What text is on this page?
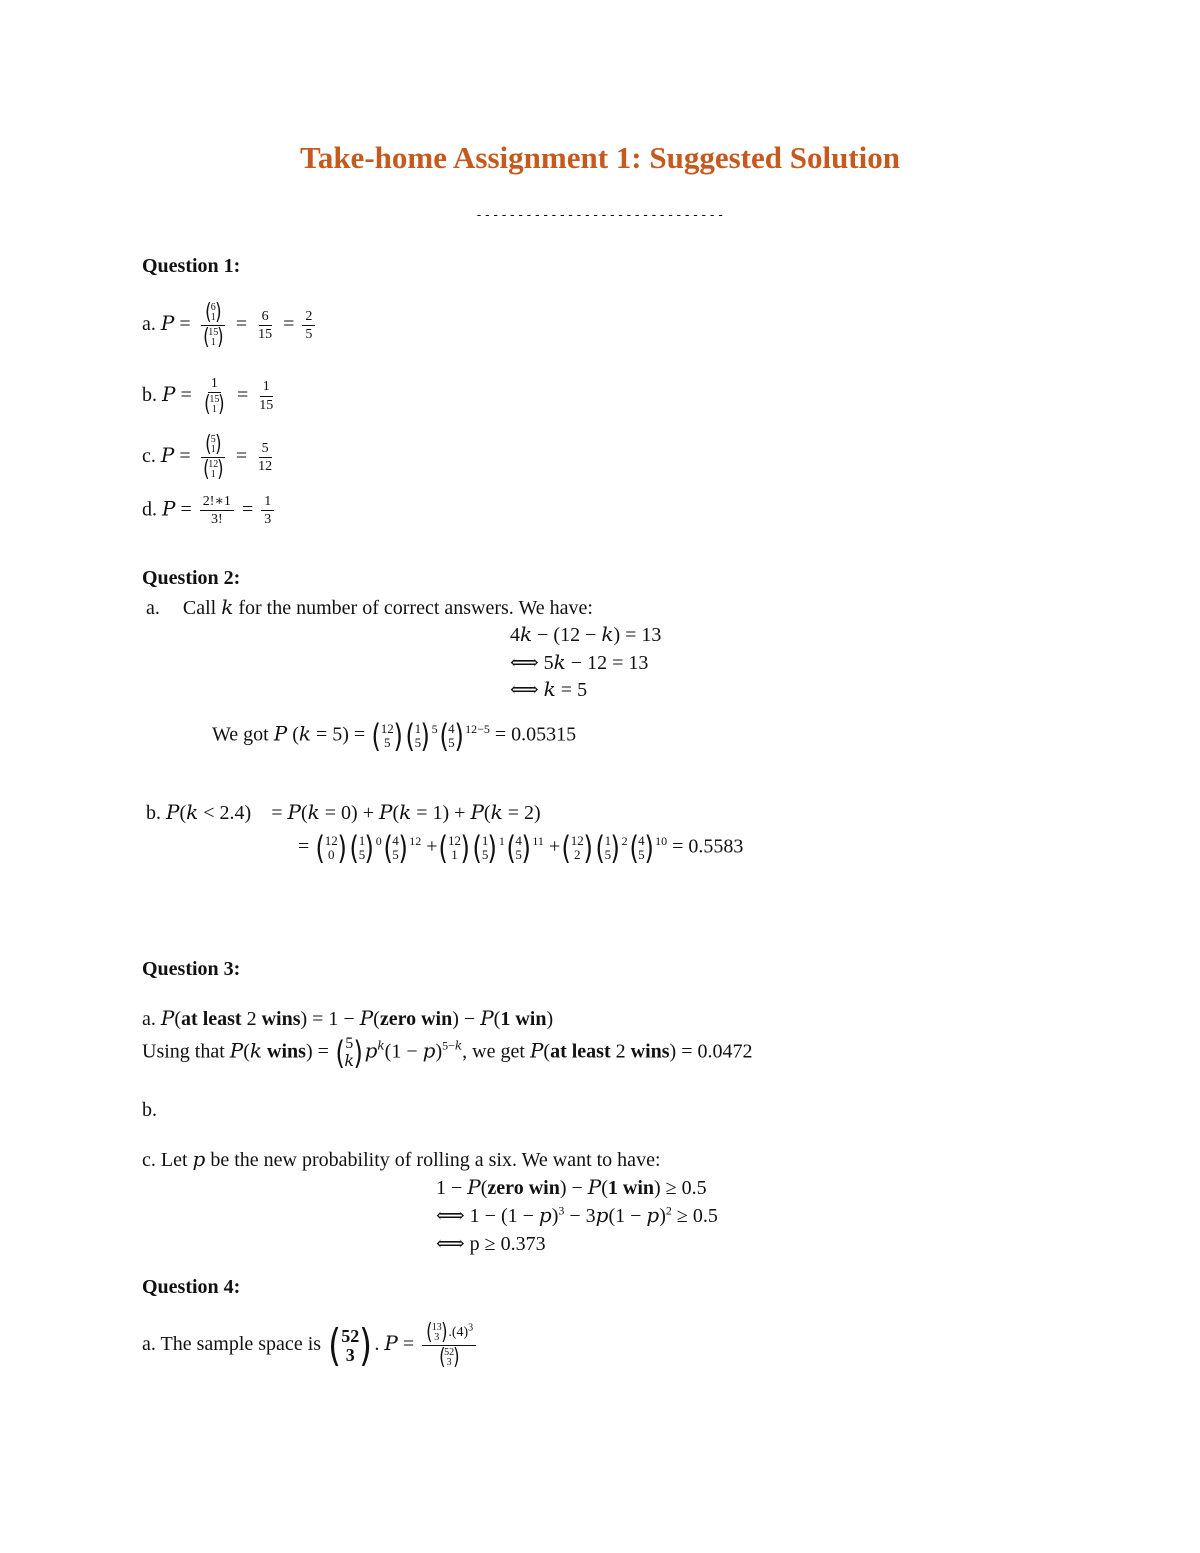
Take-home Assignment 1: Suggested Solution
------------------------------
Question 1:
a. P = ( 6
1 )
( 15
1 ) = $\frac{6}{15} = \frac{2}{5}$
b. P = 1
( 15
1 ) = $\frac{1}{15}$
c. P = ( 5
1 )
( 12
1 ) = $\frac{5}{12}$
d. $P = \frac{2!∗1}{3!} = \frac{1}{3}$
Question 2:
a. Call k for the number of correct answers. We have:
4k − (12 − k) = 13
⟺ 5k − 12 = 13
⟺ k = 5
We got P (k = 5) = ( 12
5 ) ( 1
5 ) $^5$ ( 4
5 ) $^{12-5}$ = 0.05315
b. P(k < 2.4)    = P(k = 0) + P(k = 1) + P(k = 2)
= ( 12
0 ) ( 1
5 ) $^0$ ( 4
5 ) $^{12}$ + ( 12
1 ) ( 1
5 ) $^1$ ( 4
5 ) $^{11}$ + ( 12
2 ) ( 1
5 ) $^2$ ( 4
5 ) $^{10}$ = 0.5583
Question 3:
a. P(at least 2 wins) = 1 − P(zero win) − P(1 win)
Using that P(k wins) = ( 5
k ) $p^k(1 - p)^{5-k}$, we get P(at least 2 wins) = 0.0472
b.
c. Let p be the new probability of rolling a six. We want to have:
1 − P(zero win) − P(1 win) ≥ 0.5
⟺ $1 - (1 - p)^3 - 3p(1 - p)^2 \ge 0.5$
⟺ p ≥ 0.373
Question 4:
a. The sample space is ( 52
3 ) . P = ( 13
3 ) $.(4)^3$
( 52
3 )
